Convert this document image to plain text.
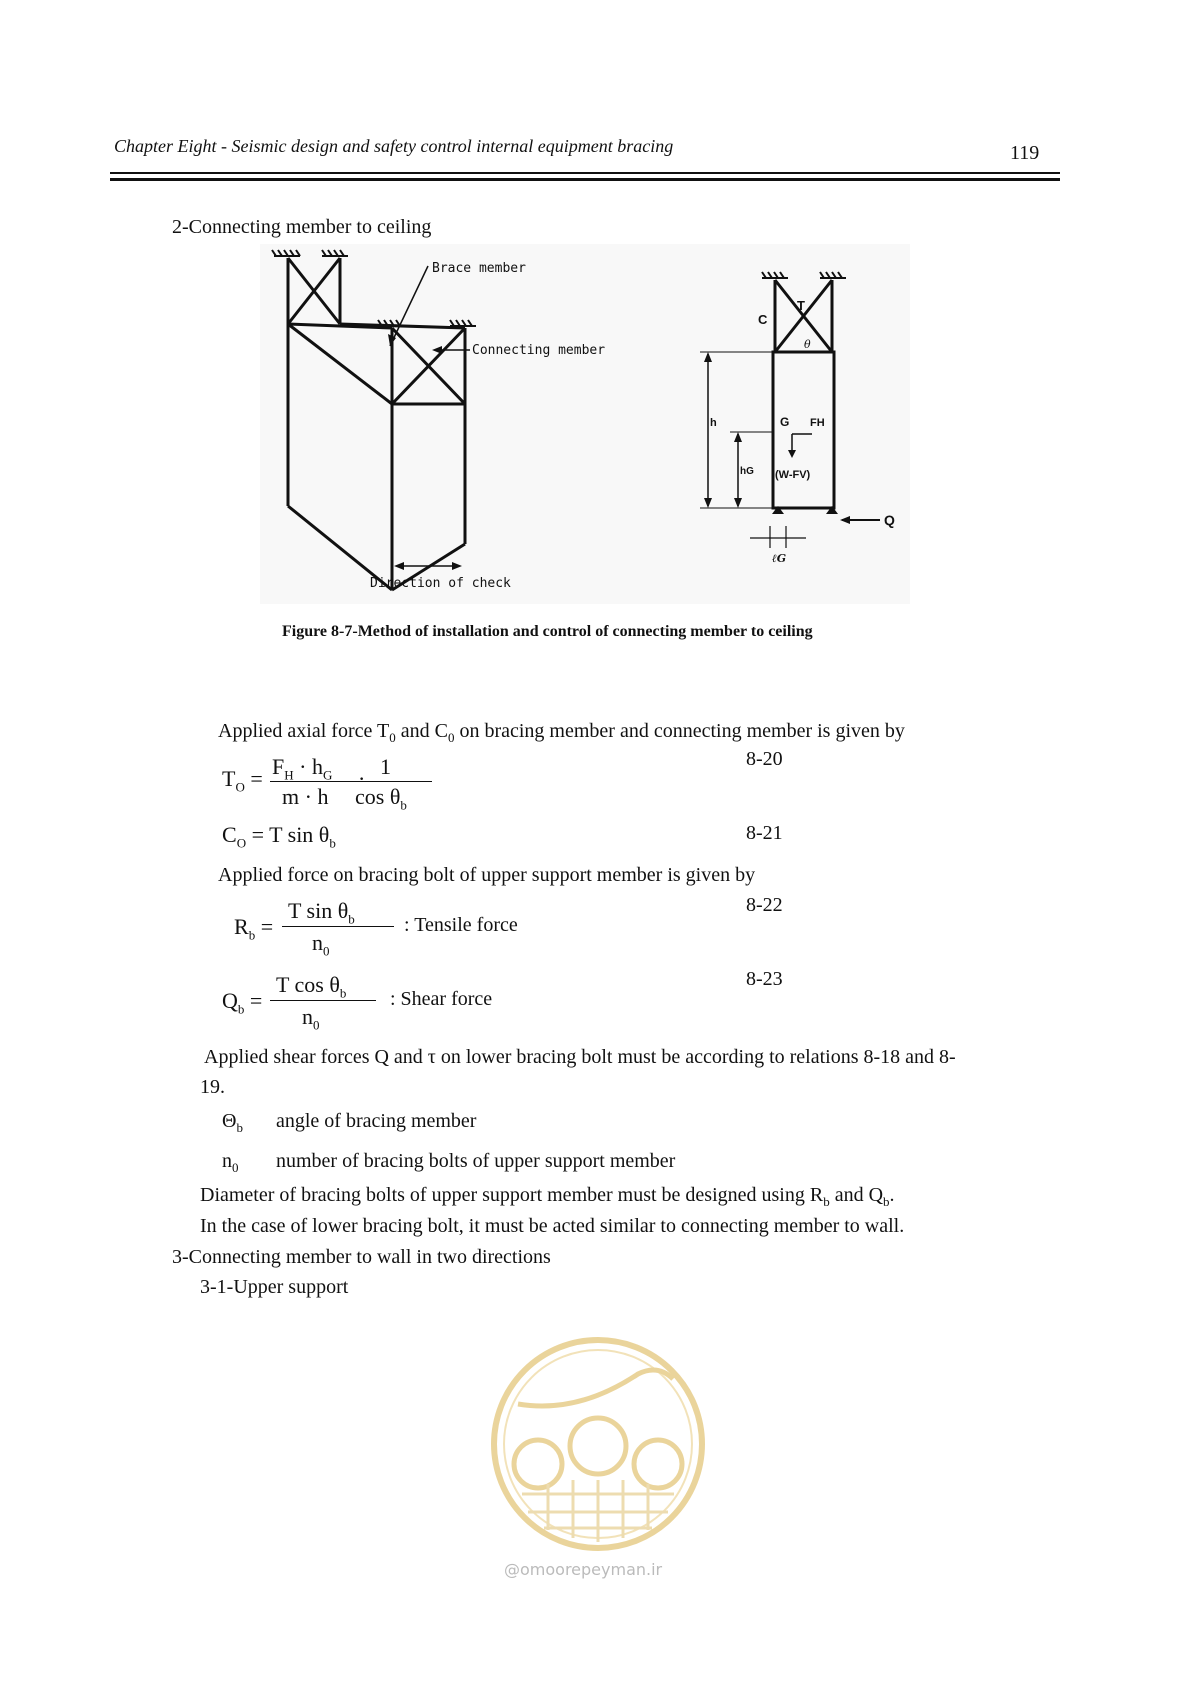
Chapter Eight - Seismic design and safety control internal equipment bracing	119
2-Connecting member to ceiling
Brace member
Connecting member
Direction of check
C
T
θ
h
hG
G FH
(W-FV)
Q
ℓG
Figure 8-7-Method of installation and control of connecting member to ceiling
Applied axial force $T_0$ and $C_0$ on bracing member and connecting member is given by
$T_O = F_H \cdot h_G$
m · h
· 1
$\cos \theta_b$
8-20
$C_O = T$ $\sin \theta_b$	8-21
Applied force on bracing bolt of upper support member is given by
$R_b$ =
T $\sin \theta_b$
$n_0$
: Tensile force
8-22
$Q_b$ =
T $\cos \theta_b$
$n_0$
: Shear force
8-23
Applied shear forces Q and τ on lower bracing bolt must be according to relations 8-18 and 8-
19.
$\Theta_b$ angle of bracing member
$n_0$ number of bracing bolts of upper support member
Diameter of bracing bolts of upper support member must be designed using $R_b$ and $Q_b$.
In the case of lower bracing bolt, it must be acted similar to connecting member to wall.
3-Connecting member to wall in two directions
3-1-Upper support
@omoorepeyman.ir
